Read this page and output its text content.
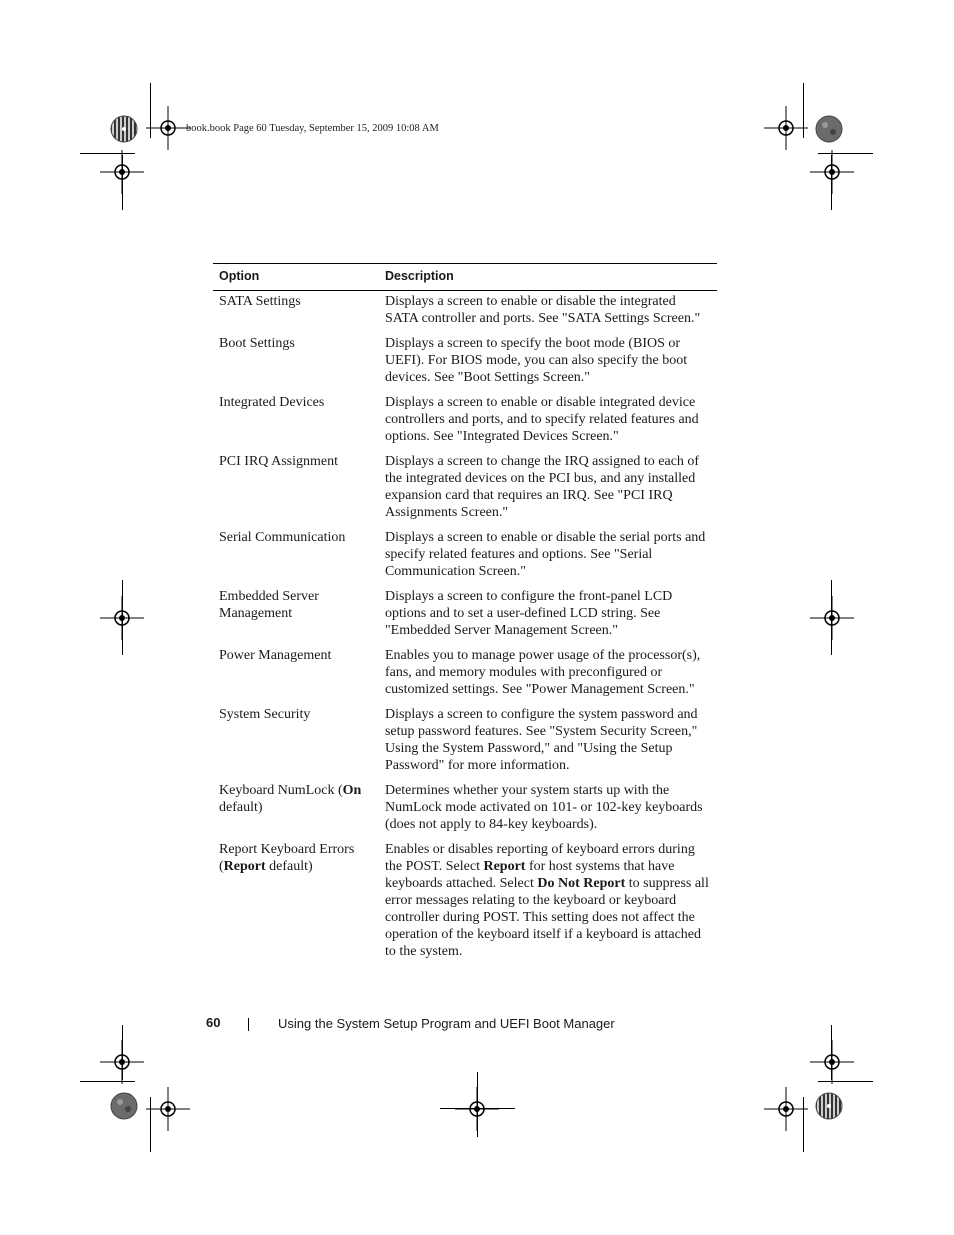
book.book Page 60 Tuesday, September 15, 2009 10:08 AM
Option	Description
SATA Settings	Displays a screen to enable or disable the integrated SATA controller and ports. See "SATA Settings Screen."
Boot Settings	Displays a screen to specify the boot mode (BIOS or UEFI). For BIOS mode, you can also specify the boot devices. See "Boot Settings Screen."
Integrated Devices	Displays a screen to enable or disable integrated device controllers and ports, and to specify related features and options. See "Integrated Devices Screen."
PCI IRQ Assignment	Displays a screen to change the IRQ assigned to each of the integrated devices on the PCI bus, and any installed expansion card that requires an IRQ. See "PCI IRQ Assignments Screen."
Serial Communication	Displays a screen to enable or disable the serial ports and specify related features and options. See "Serial Communication Screen."
Embedded Server Management	Displays a screen to configure the front-panel LCD options and to set a user-defined LCD string. See "Embedded Server Management Screen."
Power Management	Enables you to manage power usage of the processor(s), fans, and memory modules with preconfigured or customized settings. See "Power Management Screen."
System Security	Displays a screen to configure the system password and setup password features. See "System Security Screen," Using the System Password," and "Using the Setup Password" for more information.
Keyboard NumLock (On default)	Determines whether your system starts up with the NumLock mode activated on 101- or 102-key keyboards (does not apply to 84-key keyboards).
Report Keyboard Errors (Report default)	Enables or disables reporting of keyboard errors during the POST. Select Report for host systems that have keyboards attached. Select Do Not Report to suppress all error messages relating to the keyboard or keyboard controller during POST. This setting does not affect the operation of the keyboard itself if a keyboard is attached to the system.
60	Using the System Setup Program and UEFI Boot Manager
